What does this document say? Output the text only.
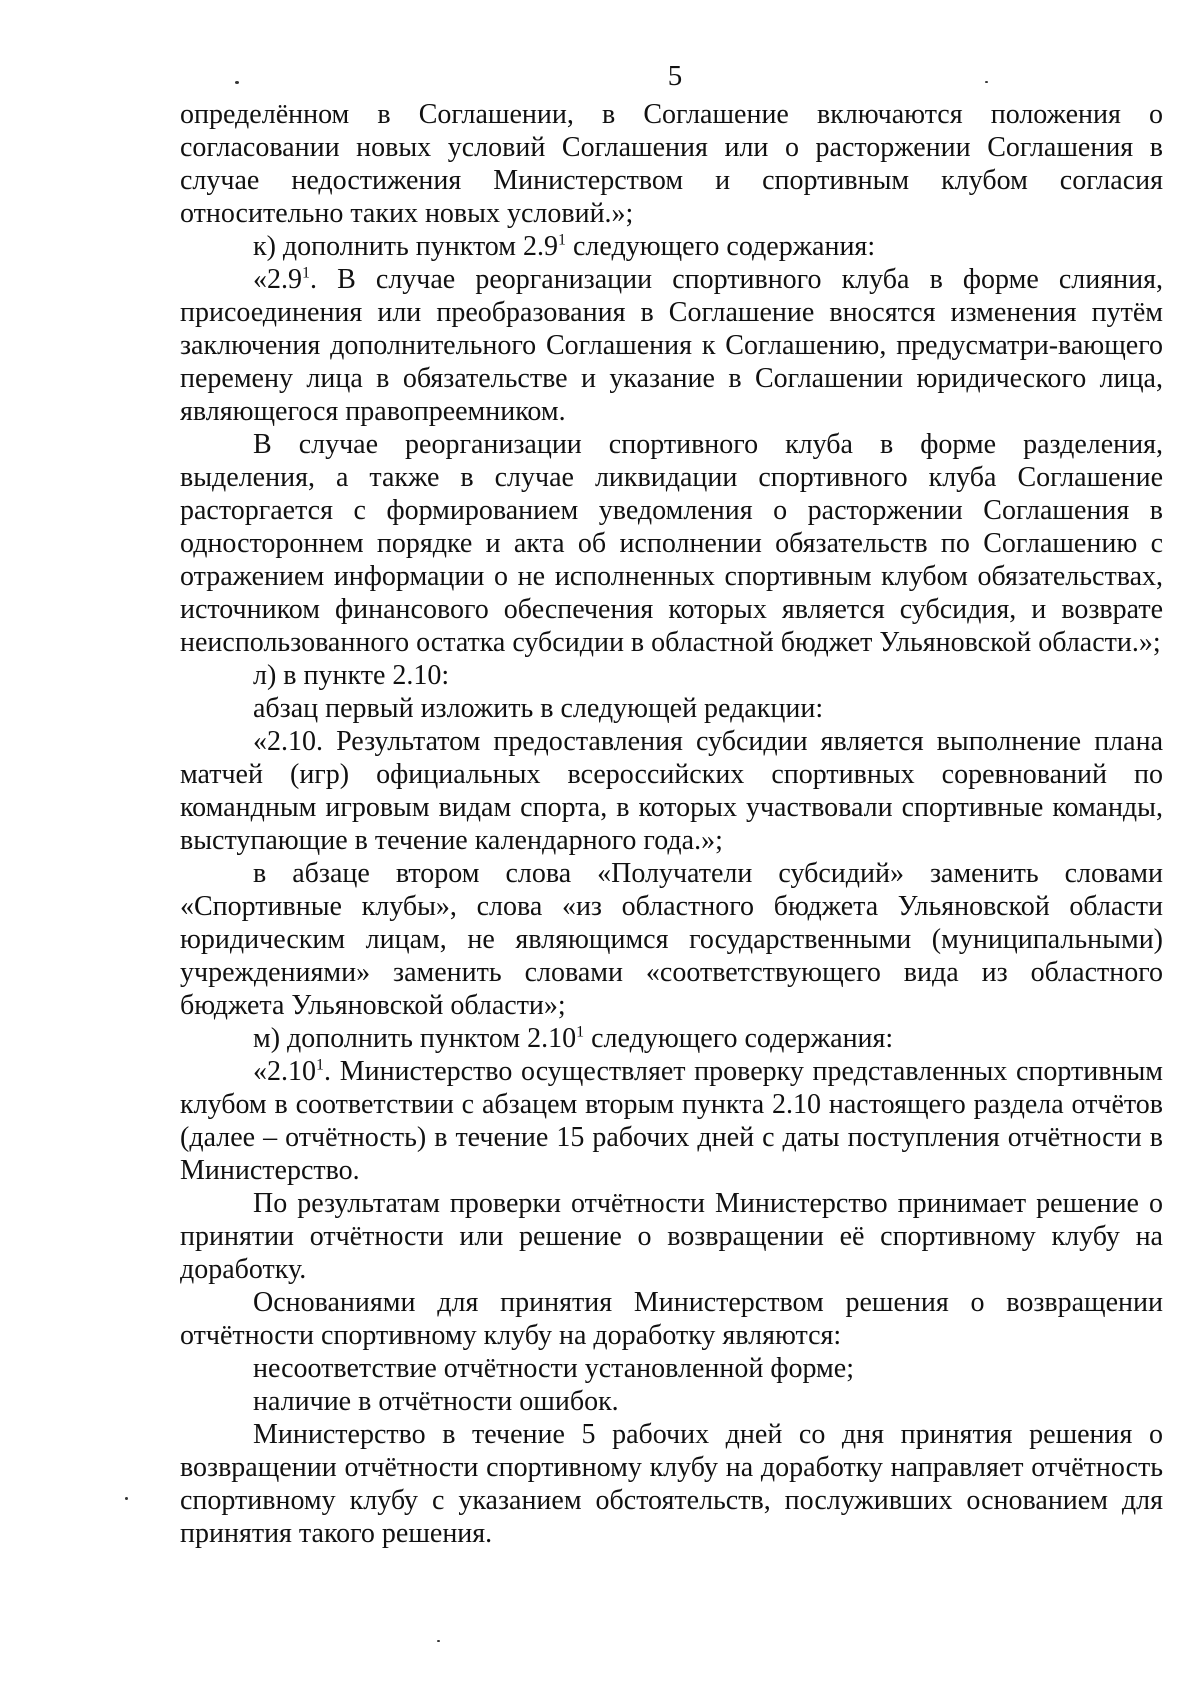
5

определённом в Соглашении, в Соглашение включаются положения о согласовании новых условий Соглашения или о расторжении Соглашения в случае недостижения Министерством и спортивным клубом согласия относительно таких новых условий.»;

к) дополнить пунктом $2.9^1$ следующего содержания:

«$2.9^1$. В случае реорганизации спортивного клуба в форме слияния, присоединения или преобразования в Соглашение вносятся изменения путём заключения дополнительного Соглашения к Соглашению, предусматри-вающего перемену лица в обязательстве и указание в Соглашении юридического лица, являющегося правопреемником.

В случае реорганизации спортивного клуба в форме разделения, выделения, а также в случае ликвидации спортивного клуба Соглашение расторгается с формированием уведомления о расторжении Соглашения в одностороннем порядке и акта об исполнении обязательств по Соглашению с отражением информации о не исполненных спортивным клубом обязательствах, источником финансового обеспечения которых является субсидия, и возврате неиспользованного остатка субсидии в областной бюджет Ульяновской области.»;

л) в пункте 2.10:

абзац первый изложить в следующей редакции:

«2.10. Результатом предоставления субсидии является выполнение плана матчей (игр) официальных всероссийских спортивных соревнований по командным игровым видам спорта, в которых участвовали спортивные команды, выступающие в течение календарного года.»;

в абзаце втором слова «Получатели субсидий» заменить словами «Спортивные клубы», слова «из областного бюджета Ульяновской области юридическим лицам, не являющимся государственными (муниципальными) учреждениями» заменить словами «соответствующего вида из областного бюджета Ульяновской области»;

м) дополнить пунктом 2.10$^1$ следующего содержания:

«2.10$^1$. Министерство осуществляет проверку представленных спортивным клубом в соответствии с абзацем вторым пункта 2.10 настоящего раздела отчётов (далее – отчётность) в течение 15 рабочих дней с даты поступления отчётности в Министерство.

По результатам проверки отчётности Министерство принимает решение о принятии отчётности или решение о возвращении её спортивному клубу на доработку.

Основаниями для принятия Министерством решения о возвращении отчётности спортивному клубу на доработку являются:

несоответствие отчётности установленной форме;

наличие в отчётности ошибок.

Министерство в течение 5 рабочих дней со дня принятия решения о возвращении отчётности спортивному клубу на доработку направляет отчётность спортивному клубу с указанием обстоятельств, послуживших основанием для принятия такого решения.
